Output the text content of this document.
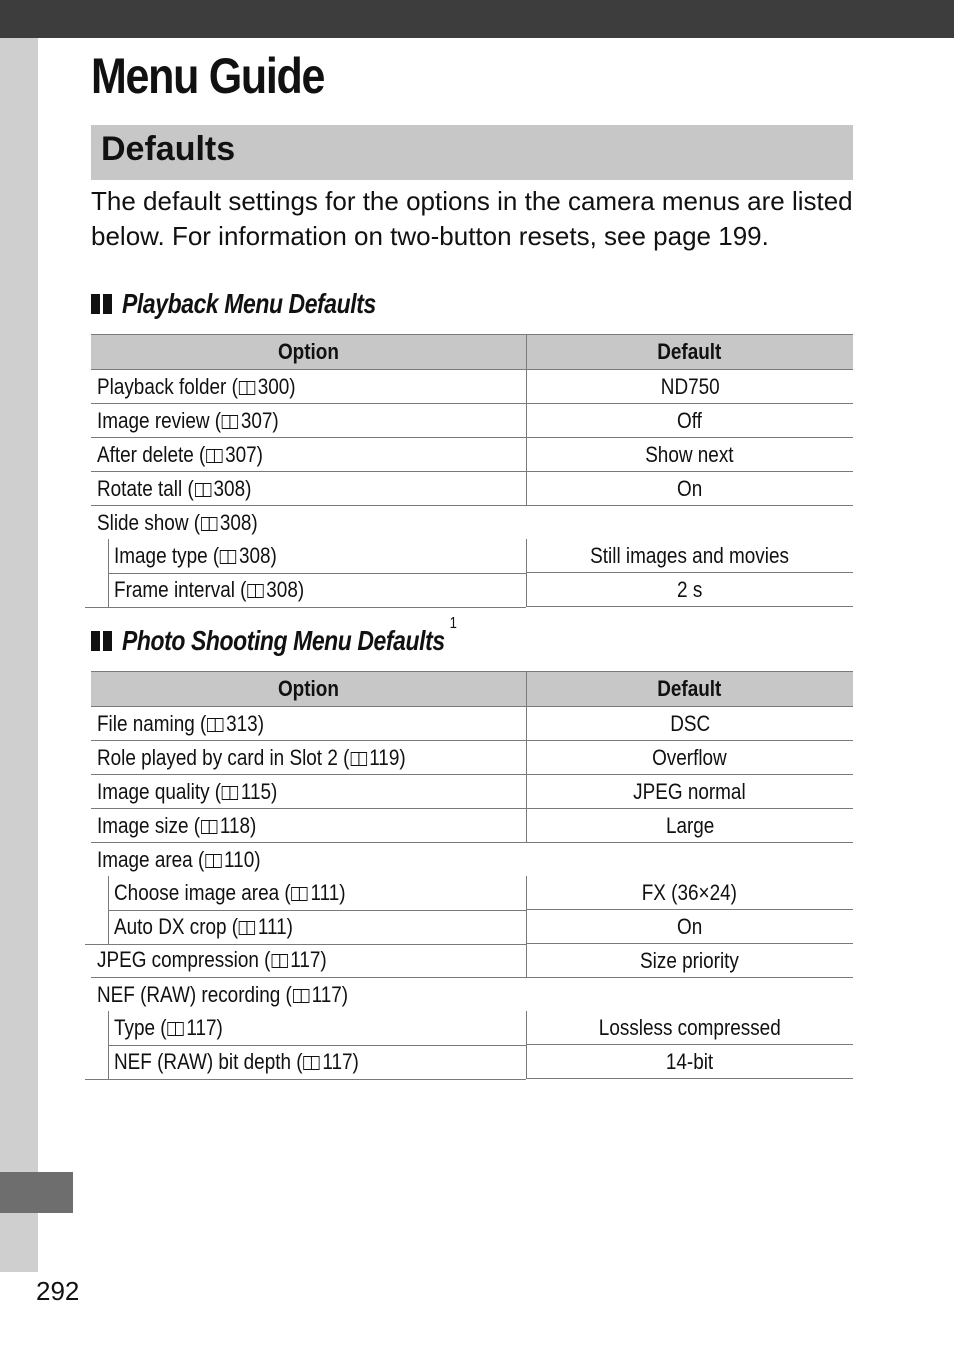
292
Menu Guide
Defaults

The default settings for the options in the camera menus are listed below. For information on two-button resets, see page 199.

Playback Menu Defaults
Option	Default
Playback folder ( 300)	ND750
Image review ( 307)	Off
After delete ( 307)	Show next
Rotate tall ( 308)	On
Slide show ( 308)	
Image type ( 308)	Still images and movies
Frame interval ( 308)	2 s
Photo Shooting Menu Defaults$^1$
Option	Default
File naming ( 313)	DSC
Role played by card in Slot 2 ( 119)	Overflow
Image quality ( 115)	JPEG normal
Image size ( 118)	Large
Image area ( 110)	
Choose image area ( 111)	FX (36×24)
Auto DX crop ( 111)	On
JPEG compression ( 117)	Size priority
NEF (RAW) recording ( 117)	
Type ( 117)	Lossless compressed
NEF (RAW) bit depth ( 117)	14-bit
